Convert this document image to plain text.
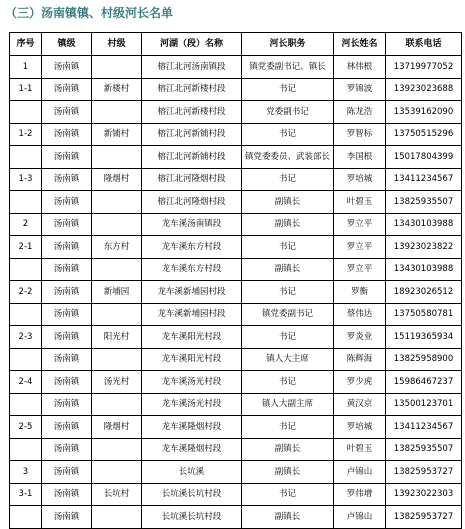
（三）汤南镇镇、村级河长名单
序号	镇级	村级	河湖（段）名称	河长职务	河长姓名	联系电话
1	汤南镇		榕江北河汤南镇段	镇党委副书记、镇长	林伟根	13719977052
1-1	汤南镇	新楼村	榕江北河新楼村段	书记	罗锦波	13923023688
	汤南镇		榕江北河新楼村段	党委副书记	陈龙浩	13539162090
1-2	汤南镇	新铺村	榕江北河新铺村段	书记	罗智标	13750515296
	汤南镇		榕江北河新铺村段	镇党委委员、武装部长	李国根	15017804399
1-3	汤南镇	隆烟村	榕江北河隆烟村段	书记	罗培城	13411234567
	汤南镇		榕江北河隆烟村段	副镇长	叶碧玉	13825935507
2	汤南镇		龙车溪汤南镇段	副镇长	罗立平	13430103988
2-1	汤南镇	东方村	龙车溪东方村段	书记	罗立平	13923023822
	汤南镇		龙车溪东方村段	副镇长	罗立平	13430103988
2-2	汤南镇	新埔园	龙车溪新埔园村段	书记	罗衡	18923026512
	汤南镇		龙车溪新埔园村段	镇党委副书记	蔡伟达	13750580781
2-3	汤南镇	阳光村	龙车溪阳光村段	书记	罗炎业	15119365934
	汤南镇		龙车溪阳光村段	镇人大主席	陈辉海	13825958900
2-4	汤南镇	汤光村	龙车溪汤光村段	书记	罗少虎	15986467237
	汤南镇		龙车溪汤光村段	镇人大副主席	黄汉京	13500123701
2-5	汤南镇	隆烟村	龙车溪隆烟村段	书记	罗培城	13411234567
	汤南镇		龙车溪隆烟村段	副镇长	叶碧玉	13825935507
3	汤南镇		长坑溪	副镇长	卢锦山	13825953727
3-1	汤南镇	长坑村	长坑溪长坑村段	书记	罗伟增	13923022303
	汤南镇		长坑溪长坑村段	副镇长	卢锦山	13825953727
